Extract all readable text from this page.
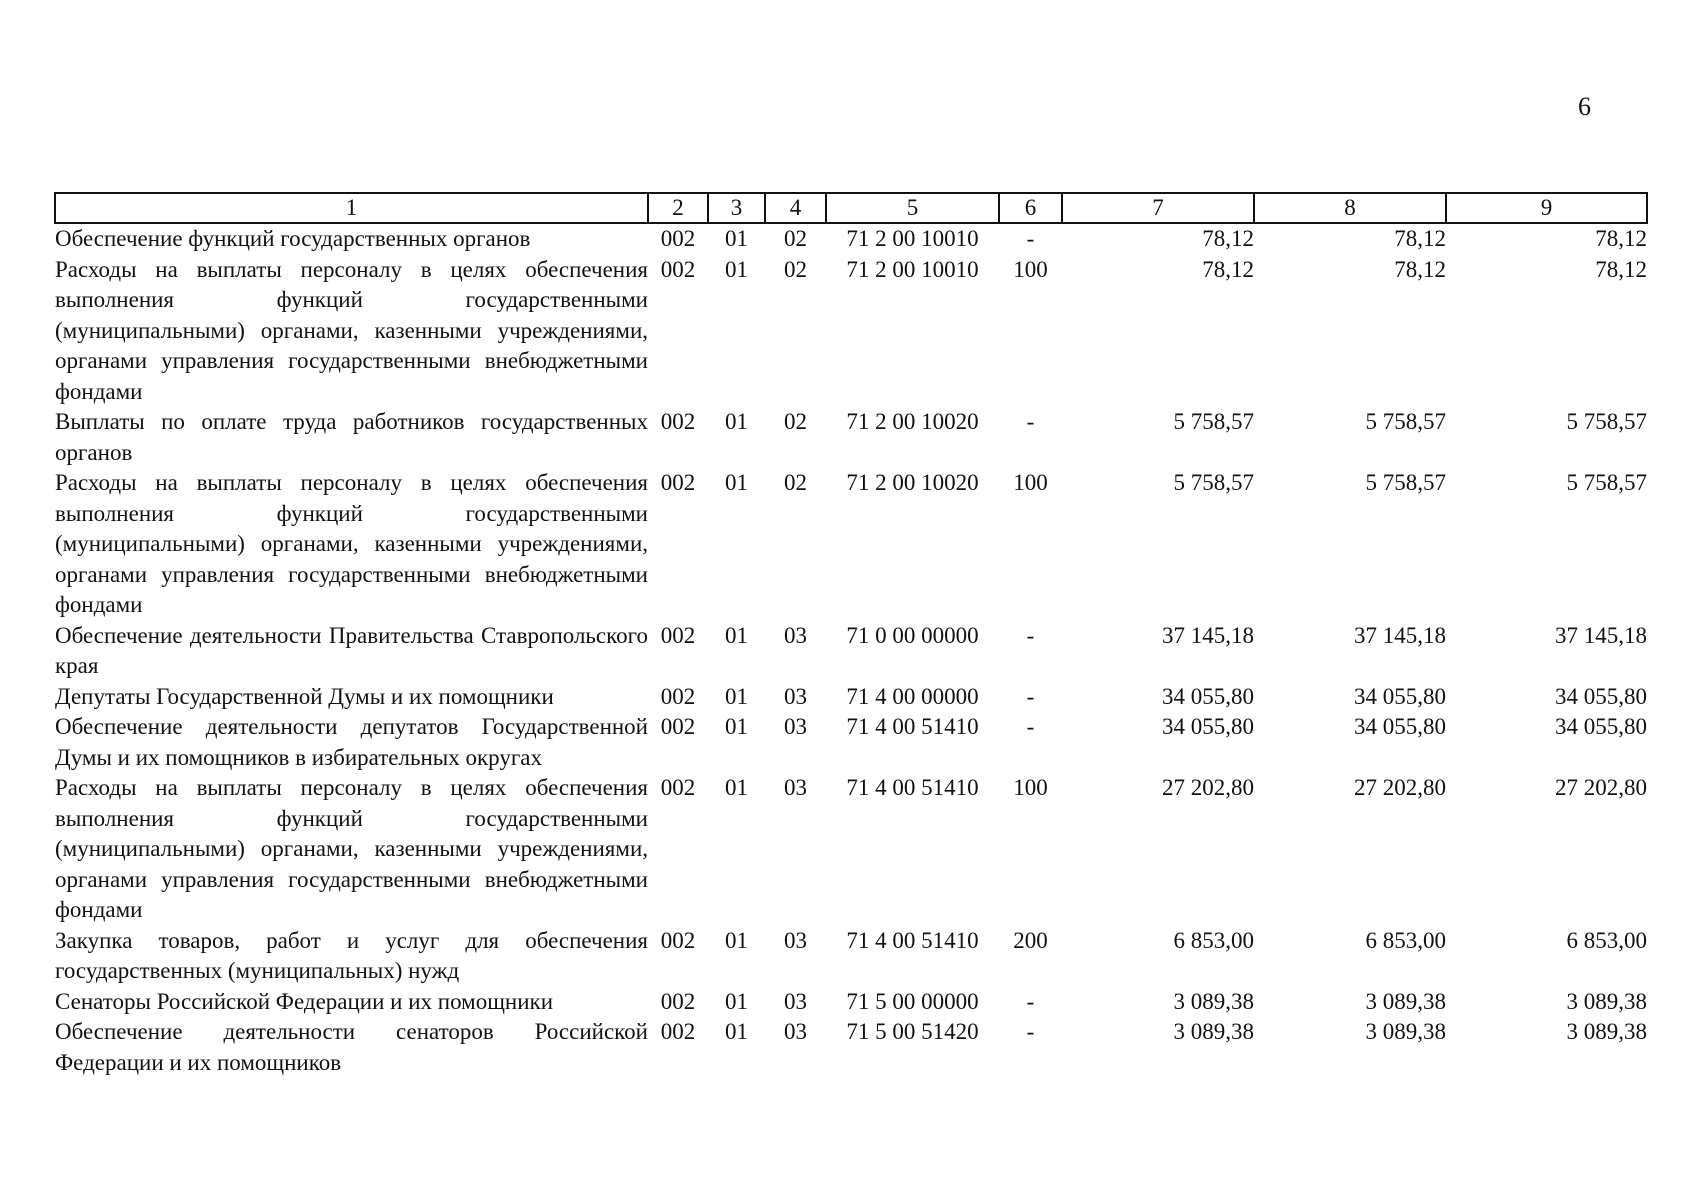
6
1	2	3	4	5	6	7	8	9
Обеспечение функций государственных органов	002	01	02	71 2 00 10010	-	78,12	78,12	78,12
Расходы на выплаты персоналу в целях обеспечения выполнения функций государственными (муниципальными) органами, казенными учреждениями, органами управления государственными внебюджетными фондами	002	01	02	71 2 00 10010	100	78,12	78,12	78,12
Выплаты по оплате труда работников государственных органов	002	01	02	71 2 00 10020	-	5 758,57	5 758,57	5 758,57
Расходы на выплаты персоналу в целях обеспечения выполнения функций государственными (муниципальными) органами, казенными учреждениями, органами управления государственными внебюджетными фондами	002	01	02	71 2 00 10020	100	5 758,57	5 758,57	5 758,57
Обеспечение деятельности Правительства Ставропольского края	002	01	03	71 0 00 00000	-	37 145,18	37 145,18	37 145,18
Депутаты Государственной Думы и их помощники	002	01	03	71 4 00 00000	-	34 055,80	34 055,80	34 055,80
Обеспечение деятельности депутатов Государственной Думы и их помощников в избирательных округах	002	01	03	71 4 00 51410	-	34 055,80	34 055,80	34 055,80
Расходы на выплаты персоналу в целях обеспечения выполнения функций государственными (муниципальными) органами, казенными учреждениями, органами управления государственными внебюджетными фондами	002	01	03	71 4 00 51410	100	27 202,80	27 202,80	27 202,80
Закупка товаров, работ и услуг для обеспечения государственных (муниципальных) нужд	002	01	03	71 4 00 51410	200	6 853,00	6 853,00	6 853,00
Сенаторы Российской Федерации и их помощники	002	01	03	71 5 00 00000	-	3 089,38	3 089,38	3 089,38
Обеспечение деятельности сенаторов Российской Федерации и их помощников	002	01	03	71 5 00 51420	-	3 089,38	3 089,38	3 089,38
